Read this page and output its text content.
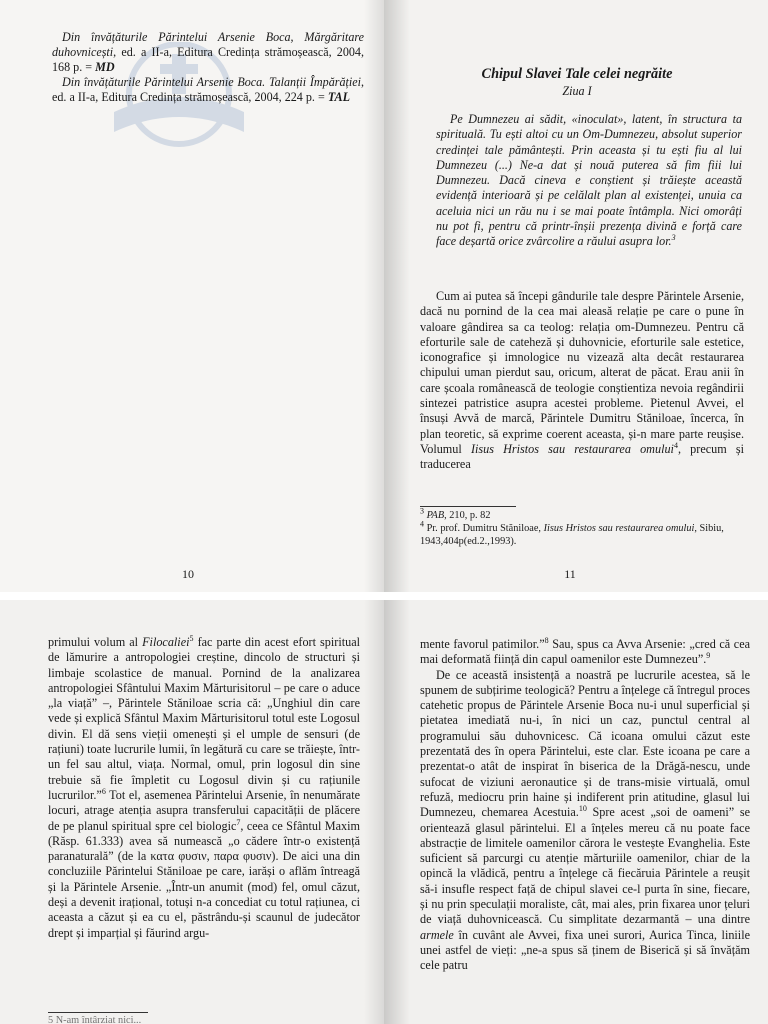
Din învățăturile Părintelui Arsenie Boca, Mărgăritare duhovnicești, ed. a II-a, Editura Credința strămoșească, 2004, 168 p. = MD

Din învățăturile Părintelui Arsenie Boca. Talanții Împărăției, ed. a II-a, Editura Credința strămoșească, 2004, 224 p. = TAL

10
Chipul Slavei Tale celei negrăite
Ziua I

Pe Dumnezeu ai sădit, «inoculat», latent, în structura ta spirituală. Tu ești altoi cu un Om-Dumnezeu, absolut superior credinței tale pământești. Prin aceasta și tu ești fiu al lui Dumnezeu (...) Ne-a dat și nouă puterea să fim fiii lui Dumnezeu. Dacă cineva e conștient și trăiește această evidență interioară și pe celălalt plan al existenței, unuia ca aceluia nici un rău nu i se mai poate întâmpla. Nici omorâți nu pot fi, pentru că printr-înșii prezența divină e forță care face deșartă orice zvârcolire a răului asupra lor.$^3$

Cum ai putea să începi gândurile tale despre Părintele Arsenie, dacă nu pornind de la cea mai aleasă relație pe care o pune în valoare gândirea sa ca teolog: relația om-Dumnezeu. Pentru că eforturile sale de cateheză și duhovnicie, eforturile sale estetice, iconografice și imnologice nu vizează alta decât restaurarea chipului uman pierdut sau, oricum, alterat de păcat. Erau anii în care școala românească de teologie conștientiza nevoia regândirii sintezei patristice asupra acestei probleme. Pietenul Avvei, el însuși Avvă de marcă, Părintele Dumitru Stăniloae, încerca, în plan teoretic, să exprime coerent aceasta, și-n mare parte reușise. Volumul Iisus Hristos sau restaurarea omului$^4$, precum și traducerea

$^3$ PAB, 210, p. 82

$^4$ Pr. prof. Dumitru Stăniloae, Iisus Hristos sau restaurarea omului, Sibiu, 1943,404p(ed.2.,1993).

11

primului volum al Filocaliei$^5$ fac parte din acest efort spiritual de lămurire a antropologiei creștine, dincolo de structuri și limbaje scolastice de manual. Pornind de la analizarea antropologiei Sfântului Maxim Mărturisitorul – pe care o aduce „la viață” –, Părintele Stăniloae scria că: „Unghiul din care vede și explică Sfântul Maxim Mărturisitorul totul este Logosul divin. El dă sens vieții omenești și el umple de sensuri (de rațiuni) toate lucrurile lumii, în legătură cu care se trăiește, într-un fel sau altul, viața. Normal, omul, prin logosul din sine trebuie să fie împletit cu Logosul divin și cu rațiunile lucrurilor.”$^6$ Tot el, asemenea Părintelui Arsenie, în nenumărate locuri, atrage atenția asupra transferului capacității de plăcere de pe planul spiritual spre cel biologic$^7$, ceea ce Sfântul Maxim (Răsp. 61.333) avea să numească „o cădere într-o existență paranaturală” (de la κατα φυσιν, παρα φυσιν). De aici una din concluziile Părintelui Stăniloae pe care, iarăși o aflăm întreagă și la Părintele Arsenie. „Într-un anumit (mod) fel, omul căzut, deși a devenit irațional, totuși n-a concediat cu totul rațiunea, ci aceasta a căzut și ea cu el, păstrându-și scaunul de judecător drept și imparțial și făurind argu-

5 N-am întârziat nici...

mente favorul patimilor.”$^8$ Sau, spus ca Avva Arsenie: „cred că cea mai deformată ființă din capul oamenilor este Dumnezeu”.$^9$

De ce această insistență a noastră pe lucrurile acestea, să le spunem de subțirime teologică? Pentru a înțelege că întregul proces catehetic propus de Părintele Arsenie Boca nu-i unul superficial și pietatea imediată nu-i, în nici un caz, punctul central al programului său duhovnicesc. Că icoana omului căzut este prezentată des în opera Părintelui, este clar. Este icoana pe care a prezentat-o atât de inspirat în biserica de la Drăgă-nescu, unde sufocat de viziuni aeronautice și de trans-misie virtuală, omul refuză, mediocru prin haine și indiferent prin atitudine, glasul lui Dumnezeu, chemarea Acestuia.$^{10}$ Spre acest „soi de oameni” se orientează glasul părintelui. El a înțeles mereu că nu poate face abstracție de limitele oamenilor cărora le vestește Evanghelia. Este suficient să parcurgi cu atenție mărturiile oamenilor, chiar de la opincă la vlădică, pentru a înțelege că fiecăruia Părintele a reușit să-i insufle respect față de chipul slavei ce-l purta în sine, fiecare, și nu prin speculații moraliste, cât, mai ales, prin fixarea unor țeluri de viață duhovnicească. Cu simplitate dezarmantă – una dintre armele în cuvânt ale Avvei, fixa unei surori, Aurica Tinca, liniile unei astfel de vieți: „ne-a spus să ținem de Biserică și să învățăm cele patru
